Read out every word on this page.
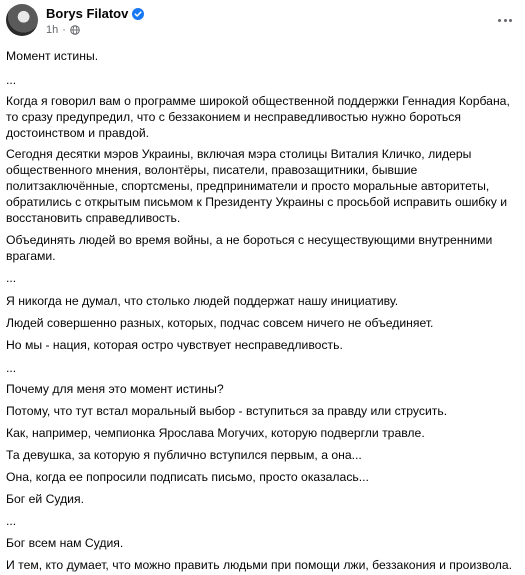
Borys Filatov
1h ·

Момент истины.

...

Когда я говорил вам о программе широкой общественной поддержки Геннадия Корбана, то сразу предупредил, что с беззаконием и несправедливостью нужно бороться достоинством и правдой.

Сегодня десятки мэров Украины, включая мэра столицы Виталия Кличко, лидеры общественного мнения, волонтёры, писатели, правозащитники, бывшие политзаключённые, спортсмены, предприниматели и просто моральные авторитеты, обратились с открытым письмом к Президенту Украины с просьбой исправить ошибку и восстановить справедливость.

Объединять людей во время войны, а не бороться с несуществующими внутренними врагами.

...

Я никогда не думал, что столько людей поддержат нашу инициативу.

Людей совершенно разных, которых, подчас совсем ничего не объединяет.

Но мы - нация, которая остро чувствует несправедливость.

...

Почему для меня это момент истины?

Потому, что тут встал моральный выбор - вступиться за правду или струсить.

Как, например, чемпионка Ярослава Могучих, которую подвергли травле.

Та девушка, за которую я публично вступился первым, а она...

Она, когда ее попросили подписать письмо, просто оказалась...

Бог ей Судия.

...

Бог всем нам Судия.

И тем, кто думает, что можно править людьми при помощи лжи, беззакония и произвола.
